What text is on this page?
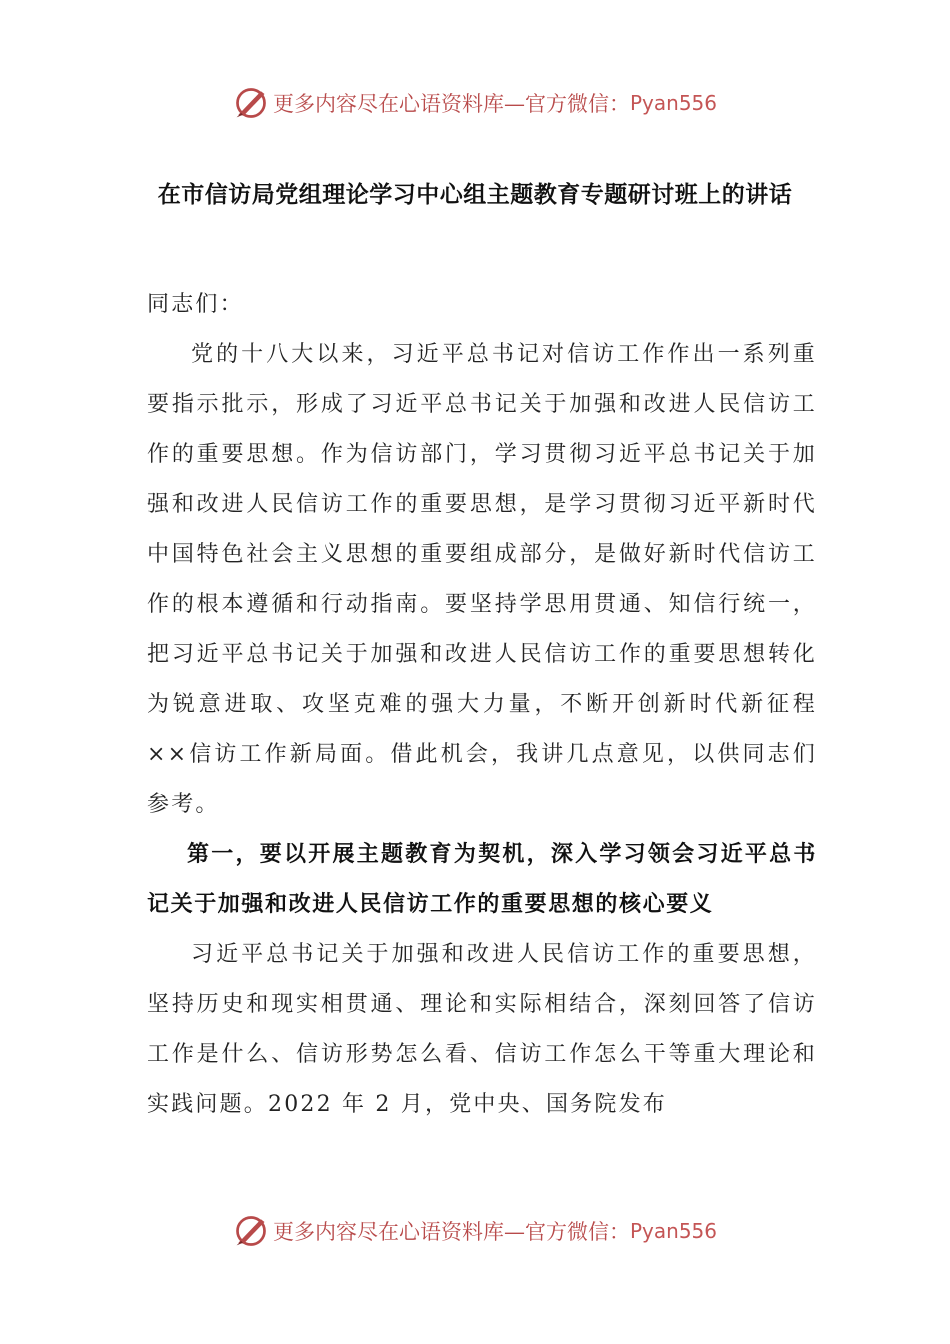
更多内容尽在心语资料库—官方微信： Pyan556
在市信访局党组理论学习中心组主题教育专题研讨班上的讲话

同志们：

党的十八大以来，习近平总书记对信访工作作出一系列重要指示批示，形成了习近平总书记关于加强和改进人民信访工作的重要思想。作为信访部门，学习贯彻习近平总书记关于加强和改进人民信访工作的重要思想，是学习贯彻习近平新时代中国特色社会主义思想的重要组成部分，是做好新时代信访工作的根本遵循和行动指南。要坚持学思用贯通、知信行统一，把习近平总书记关于加强和改进人民信访工作的重要思想转化为锐意进取、攻坚克难的强大力量，不断开创新时代新征程××信访工作新局面。借此机会，我讲几点意见，以供同志们参考。

第一，要以开展主题教育为契机，深入学习领会习近平总书记关于加强和改进人民信访工作的重要思想的核心要义

习近平总书记关于加强和改进人民信访工作的重要思想，坚持历史和现实相贯通、理论和实际相结合，深刻回答了信访工作是什么、信访形势怎么看、信访工作怎么干等重大理论和实践问题。2022 年 2 月，党中央、国务院发布

更多内容尽在心语资料库—官方微信： Pyan556
